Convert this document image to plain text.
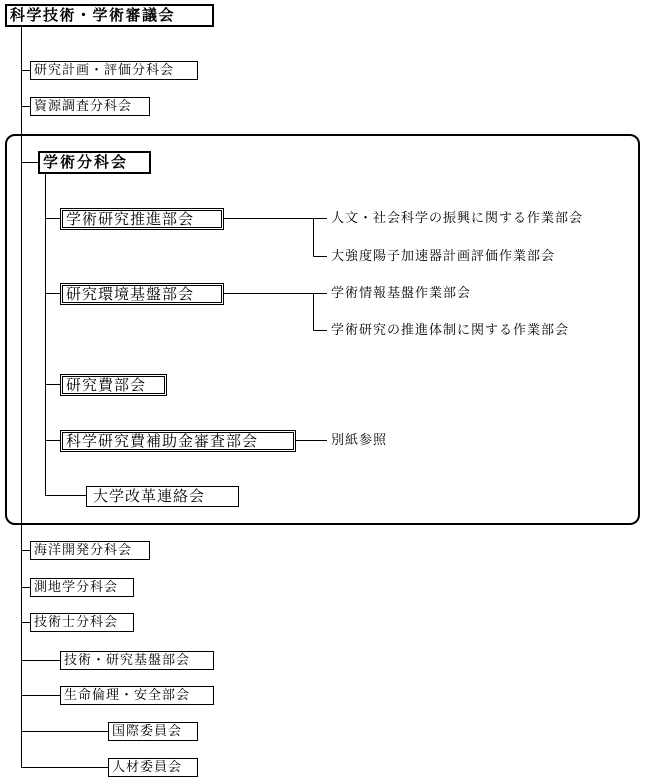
科学技術・学術審議会
研究計画・評価分科会
資源調査分科会
学術分科会
学術研究推進部会	人文・社会科学の振興に関する作業部会
大強度陽子加速器計画評価作業部会
研究環境基盤部会	学術情報基盤作業部会
学術研究の推進体制に関する作業部会
研究費部会
科学研究費補助金審査部会	別紙参照
大学改革連絡会
海洋開発分科会
測地学分科会
技術士分科会
技術・研究基盤部会
生命倫理・安全部会
国際委員会
人材委員会
